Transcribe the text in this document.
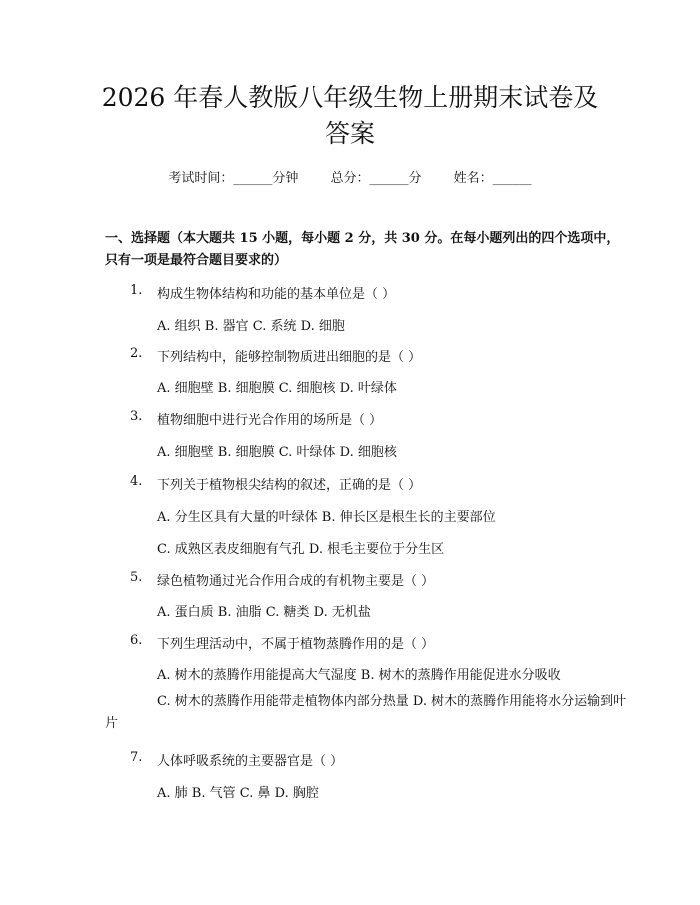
2026 年春人教版八年级生物上册期末试卷及答案
考试时间：______分钟 总分：______分 姓名：______

一、选择题（本大题共 15 小题，每小题 2 分，共 30 分。在每小题列出的四个选项中，只有一项是最符合题目要求的）

1.	构成生物体结构和功能的基本单位是（ ）
A. 组织 B. 器官 C. 系统 D. 细胞
2.	下列结构中，能够控制物质进出细胞的是（ ）
A. 细胞壁 B. 细胞膜 C. 细胞核 D. 叶绿体
3.	植物细胞中进行光合作用的场所是（ ）
A. 细胞壁 B. 细胞膜 C. 叶绿体 D. 细胞核
4.	下列关于植物根尖结构的叙述，正确的是（ ）
A. 分生区具有大量的叶绿体 B. 伸长区是根生长的主要部位
C. 成熟区表皮细胞有气孔 D. 根毛主要位于分生区
5.	绿色植物通过光合作用合成的有机物主要是（ ）
A. 蛋白质 B. 油脂 C. 糖类 D. 无机盐
6.	下列生理活动中，不属于植物蒸腾作用的是（ ）
A. 树木的蒸腾作用能提高大气湿度 B. 树木的蒸腾作用能促进水分吸收
C. 树木的蒸腾作用能带走植物体内部分热量 D. 树木的蒸腾作用能将水分运输到叶片
7.	人体呼吸系统的主要器官是（ ）
A. 肺 B. 气管 C. 鼻 D. 胸腔
